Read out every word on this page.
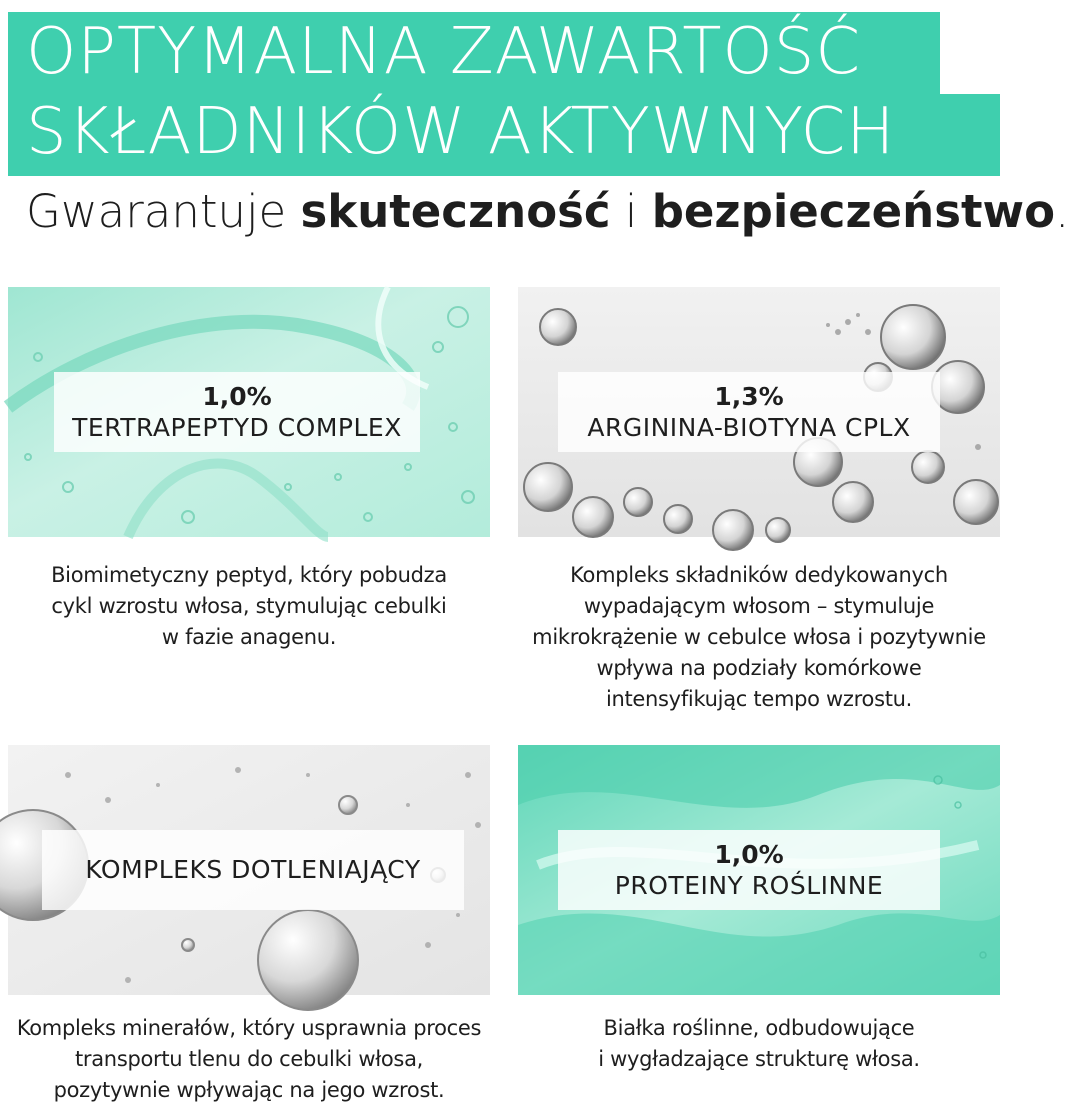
OPTYMALNA ZAWARTOŚĆ
SKŁADNIKÓW AKTYWNYCH
Gwarantuje skuteczność i bezpieczeństwo.
1,0%
TERTRAPEPTYD COMPLEX
1,3%
ARGININA-BIOTYNA CPLX
KOMPLEKS DOTLENIAJĄCY
1,0%
PROTEINY ROŚLINNE
Biomimetyczny peptyd, który pobudza
cykl wzrostu włosa, stymulując cebulki
w fazie anagenu.
Kompleks składników dedykowanych
wypadającym włosom – stymuluje
mikrokrążenie w cebulce włosa i pozytywnie
wpływa na podziały komórkowe
intensyfikując tempo wzrostu.
Kompleks minerałów, który usprawnia proces
transportu tlenu do cebulki włosa,
pozytywnie wpływając na jego wzrost.
Białka roślinne, odbudowujące
i wygładzające strukturę włosa.
